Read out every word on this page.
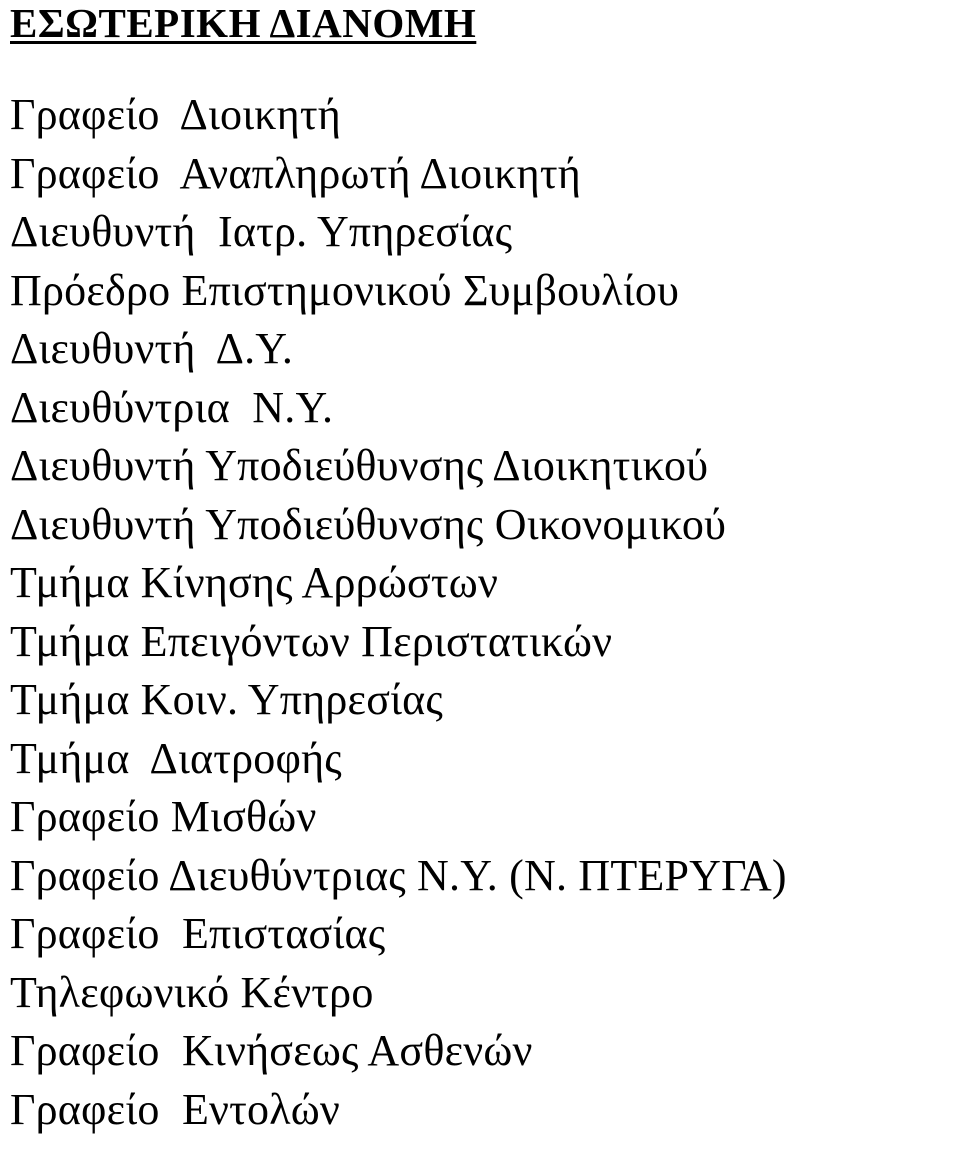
ΕΣΩΤΕΡΙΚΗ ΔΙΑΝΟΜΗ
Γραφείο  Διοικητή
Γραφείο  Αναπληρωτή Διοικητή
Διευθυντή  Ιατρ. Υπηρεσίας
Πρόεδρο Επιστημονικού Συμβουλίου
Διευθυντή  Δ.Υ.
Διευθύντρια  Ν.Υ.
Διευθυντή Υποδιεύθυνσης Διοικητικού
Διευθυντή Υποδιεύθυνσης Οικονομικού
Τμήμα Κίνησης Αρρώστων
Τμήμα Επειγόντων Περιστατικών
Τμήμα Κοιν. Υπηρεσίας
Τμήμα  Διατροφής
Γραφείο Μισθών
Γραφείο Διευθύντριας Ν.Υ. (Ν. ΠΤΕΡΥΓΑ)
Γραφείο  Επιστασίας
Τηλεφωνικό Κέντρο
Γραφείο  Κινήσεως Ασθενών
Γραφείο  Εντολών
